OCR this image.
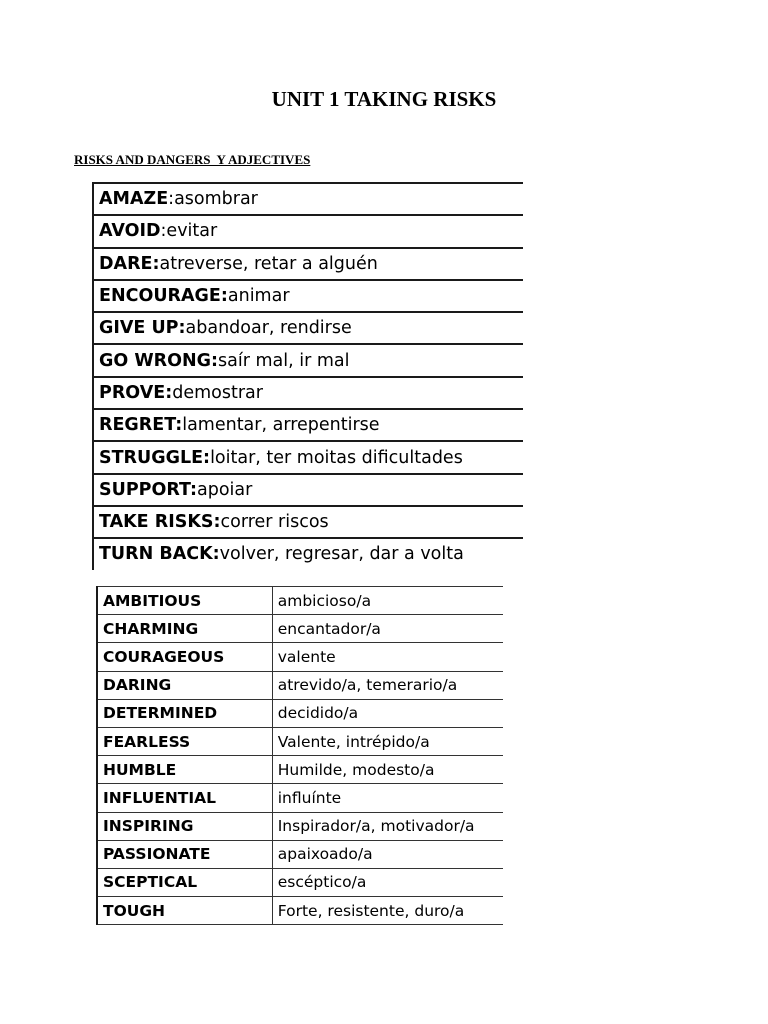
UNIT 1 TAKING RISKS

RISKS AND DANGERS  Y ADJECTIVES

AMAZE : asombrar
AVOID : evitar
DARE: atreverse, retar a alguén
ENCOURAGE: animar
GIVE UP: abandoar, rendirse
GO WRONG: saír mal, ir mal
PROVE: demostrar
REGRET: lamentar, arrepentirse
STRUGGLE: loitar, ter moitas dificultades
SUPPORT: apoiar
TAKE RISKS: correr riscos
TURN BACK: volver, regresar, dar a volta
AMBITIOUS	ambicioso/a
CHARMING	encantador/a
COURAGEOUS	valente
DARING	atrevido/a, temerario/a
DETERMINED	decidido/a
FEARLESS	Valente, intrépido/a
HUMBLE	Humilde, modesto/a
INFLUENTIAL	influínte
INSPIRING	Inspirador/a, motivador/a
PASSIONATE	apaixoado/a
SCEPTICAL	escéptico/a
TOUGH	Forte, resistente, duro/a
